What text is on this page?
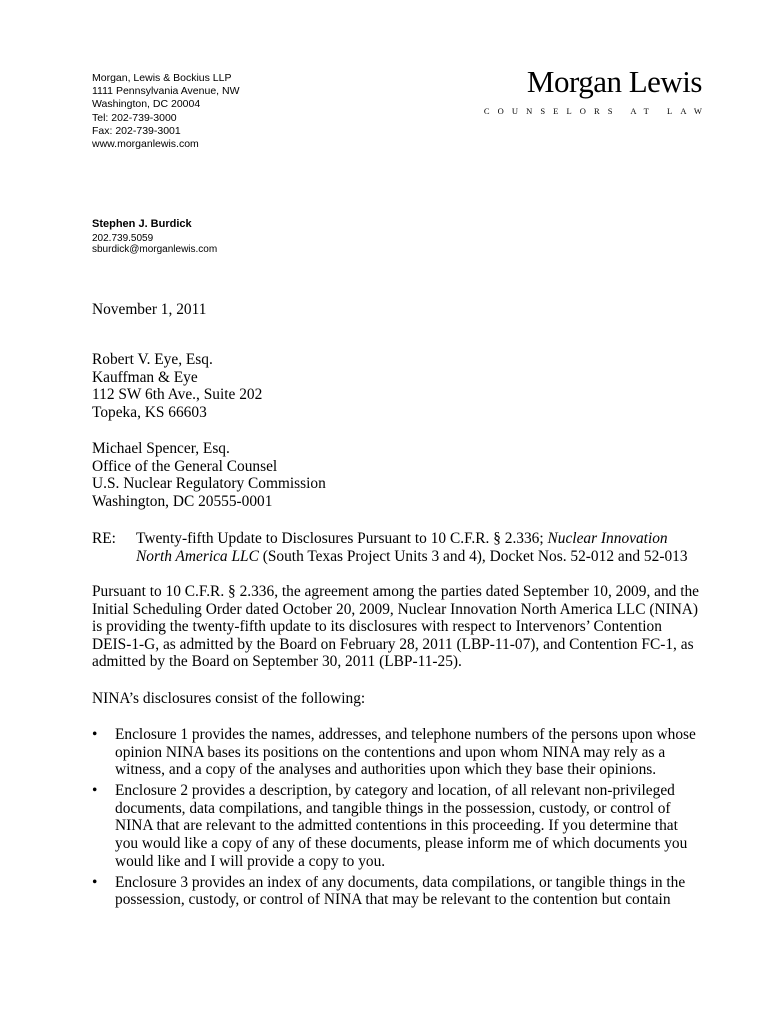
Morgan, Lewis & Bockius LLP
1111 Pennsylvania Avenue, NW
Washington, DC 20004
Tel: 202-739-3000
Fax: 202-739-3001
www.morganlewis.com
Morgan Lewis
COUNSELORS AT LAW
Stephen J. Burdick
202.739.5059
sburdick@morganlewis.com
November 1, 2011
Robert V. Eye, Esq.
Kauffman & Eye
112 SW 6th Ave., Suite 202
Topeka, KS 66603
Michael Spencer, Esq.
Office of the General Counsel
U.S. Nuclear Regulatory Commission
Washington, DC 20555-0001
RE: Twenty-fifth Update to Disclosures Pursuant to 10 C.F.R. § 2.336; Nuclear Innovation North America LLC (South Texas Project Units 3 and 4), Docket Nos. 52-012 and 52-013
Pursuant to 10 C.F.R. § 2.336, the agreement among the parties dated September 10, 2009, and the Initial Scheduling Order dated October 20, 2009, Nuclear Innovation North America LLC (NINA) is providing the twenty-fifth update to its disclosures with respect to Intervenors’ Contention DEIS-1-G, as admitted by the Board on February 28, 2011 (LBP-11-07), and Contention FC-1, as admitted by the Board on September 30, 2011 (LBP-11-25).
NINA’s disclosures consist of the following:
• Enclosure 1 provides the names, addresses, and telephone numbers of the persons upon whose opinion NINA bases its positions on the contentions and upon whom NINA may rely as a witness, and a copy of the analyses and authorities upon which they base their opinions.
• Enclosure 2 provides a description, by category and location, of all relevant non-privileged documents, data compilations, and tangible things in the possession, custody, or control of NINA that are relevant to the admitted contentions in this proceeding. If you determine that you would like a copy of any of these documents, please inform me of which documents you would like and I will provide a copy to you.
• Enclosure 3 provides an index of any documents, data compilations, or tangible things in the possession, custody, or control of NINA that may be relevant to the contention but contain
